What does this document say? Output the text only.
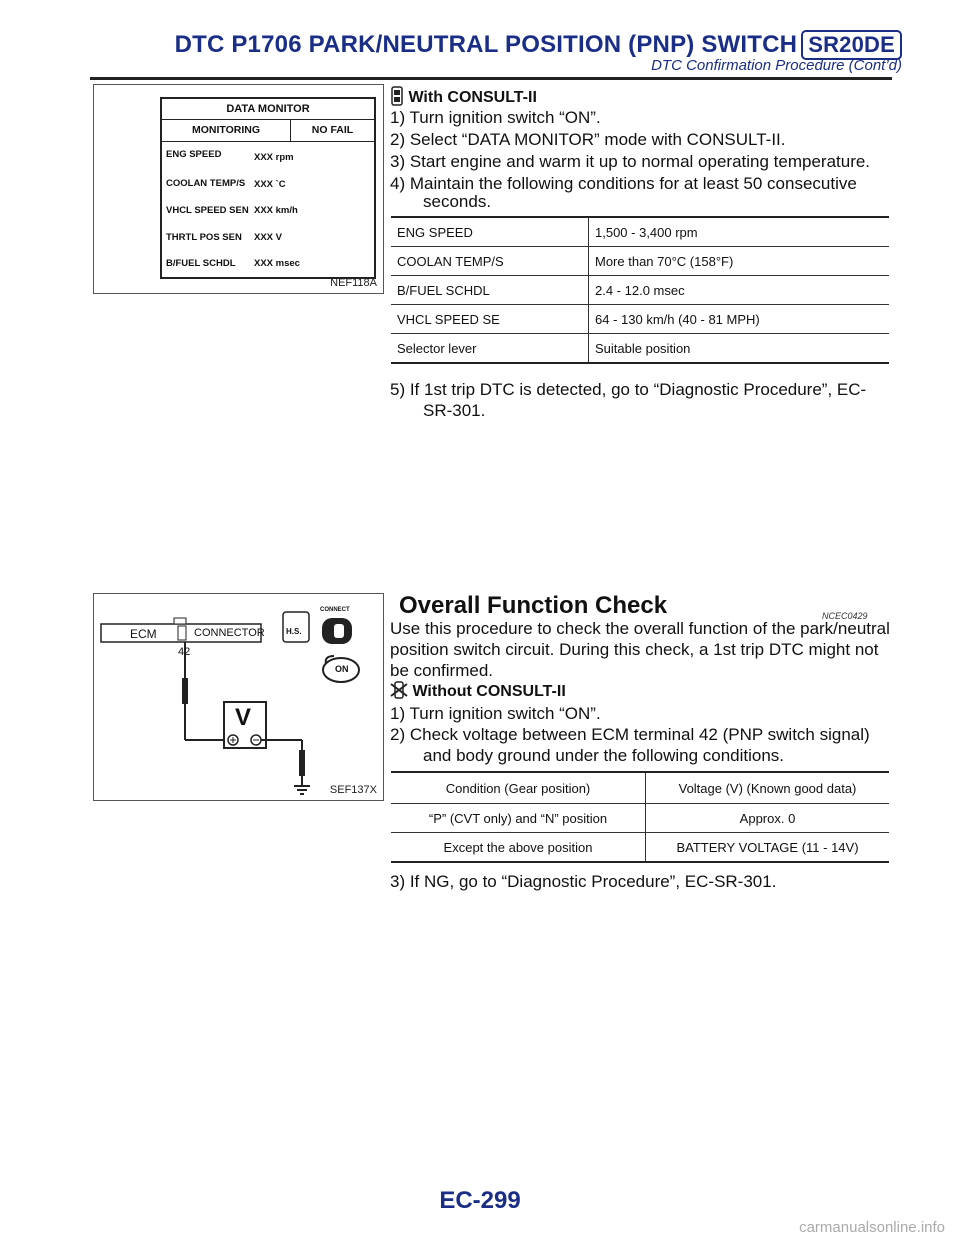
DTC P1706 PARK/NEUTRAL POSITION (PNP) SWITCH SR20DE
DTC Confirmation Procedure (Cont’d)
DATA MONITOR
MONITORING	NO FAIL
ENG SPEED	XXX rpm
COOLAN TEMP/S XXX `C
VHCL SPEED SEN XXX km/h
THRTL POS SEN XXX V
B/FUEL SCHDL XXX msec
NEF118A
With CONSULT-II
1) Turn ignition switch “ON”.
2) Select “DATA MONITOR” mode with CONSULT-II.
3) Start engine and warm it up to normal operating temperature.
4) Maintain the following conditions for at least 50 consecutive
seconds.
ENG SPEED	1,500 - 3,400 rpm
COOLAN TEMP/S	More than 70°C (158°F)
B/FUEL SCHDL	2.4 - 12.0 msec
VHCL SPEED SE	64 - 130 km/h (40 - 81 MPH)
Selector lever	Suitable position
5) If 1st trip DTC is detected, go to “Diagnostic Procedure”, EC-
SR-301.
ECM	CONNECTOR
42
V
H.S.
CONNECT
ON
SEF137X
Overall Function Check	NCEC0429
Use this procedure to check the overall function of the park/neutral
position switch circuit. During this check, a 1st trip DTC might not
be confirmed.
Without CONSULT-II
1) Turn ignition switch “ON”.
2) Check voltage between ECM terminal 42 (PNP switch signal)
and body ground under the following conditions.
Condition (Gear position)	Voltage (V) (Known good data)
“P” (CVT only) and “N” position	Approx. 0
Except the above position	BATTERY VOLTAGE (11 - 14V)
3) If NG, go to “Diagnostic Procedure”, EC-SR-301.
EC-299
carmanualsonline.info
